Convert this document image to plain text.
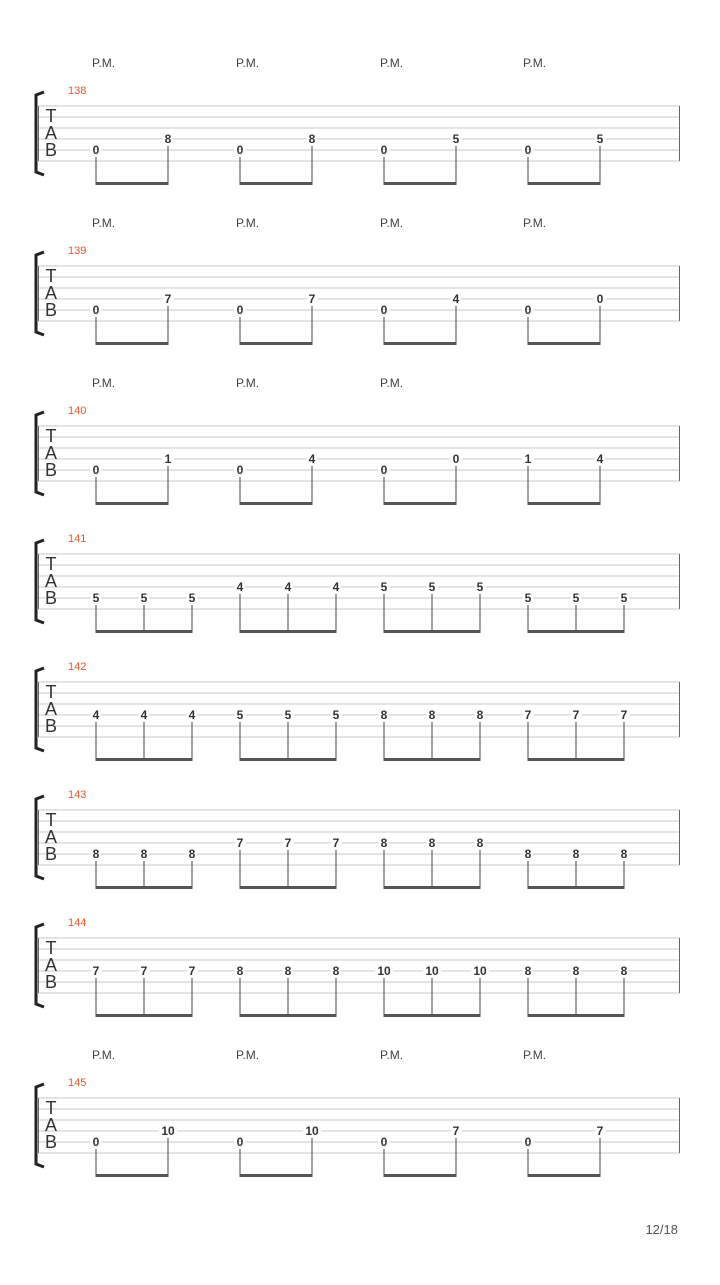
138
P.M.	P.M.	P.M.	P.M.
T
A
B	0
8
0
8
0
5
0
5
139
P.M.	P.M.	P.M.	P.M.
T
A
B	0
7
0
7
0
4
0
0
140
P.M.	P.M.	P.M.
T
A
B	0
1
0
4
0
0	1	4
141
T
A
B	5	5	5
4	4	4	5	5	5
5	5	5
142
T
A
B
4	4	4	5	5	5	8	8	8	7	7	7
143
T
A
B	8	8	8
7	7	7	8	8	8
8	8	8
144
T
A
B
7	7	7	8	8	8	10	10	10	8	8	8
145
P.M.	P.M.	P.M.	P.M.
T
A
B	0
10
0
10
0
7
0
7
12/18
